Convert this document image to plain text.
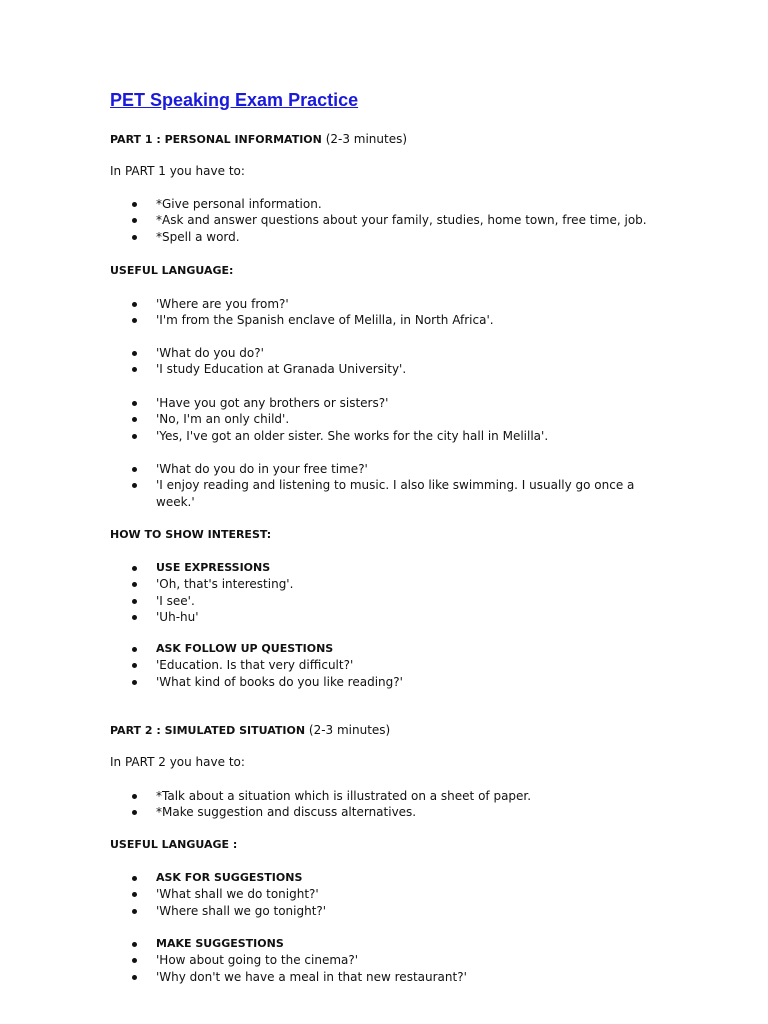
PET Speaking Exam Practice

PART 1 : PERSONAL INFORMATION (2-3 minutes)

In PART 1 you have to:

*Give personal information.
*Ask and answer questions about your family, studies, home town, free time, job.
*Spell a word.

USEFUL LANGUAGE:

'Where are you from?'
'I'm from the Spanish enclave of Melilla, in North Africa'.
'What do you do?'
'I study Education at Granada University'.
'Have you got any brothers or sisters?'
'No, I'm an only child'.
'Yes, I've got an older sister. She works for the city hall in Melilla'.
'What do you do in your free time?'
'I enjoy reading and listening to music. I also like swimming. I usually go once a week.'

HOW TO SHOW INTEREST:

USE EXPRESSIONS
'Oh, that's interesting'.
'I see'.
'Uh-hu'
ASK FOLLOW UP QUESTIONS
'Education. Is that very difficult?'
'What kind of books do you like reading?'

PART 2 : SIMULATED SITUATION (2-3 minutes)

In PART 2 you have to:

*Talk about a situation which is illustrated on a sheet of paper.
*Make suggestion and discuss alternatives.

USEFUL LANGUAGE :

ASK FOR SUGGESTIONS
'What shall we do tonight?'
'Where shall we go tonight?'
MAKE SUGGESTIONS
'How about going to the cinema?'
'Why don't we have a meal in that new restaurant?'
